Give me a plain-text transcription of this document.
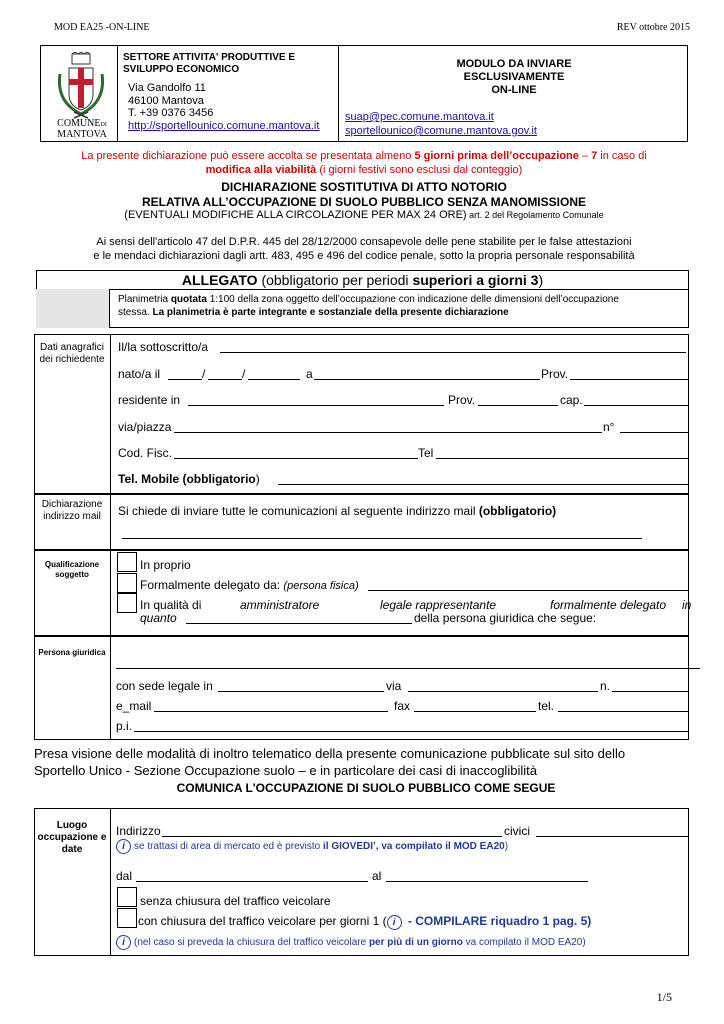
MOD EA25 -ON-LINE	REV ottobre 2015
COMUNEDI
MANTOVA
SETTORE ATTIVITA' PRODUTTIVE E SVILUPPO ECONOMICO
Via Gandolfo 11
46100 Mantova
T. +39 0376 3456
http://sportellounico.comune.mantova.it
MODULO DA INVIARE
ESCLUSIVAMENTE
ON-LINE
suap@pec.comune.mantova.it
sportellounico@comune.mantova.gov.it
La presente dichiarazione può essere accolta se presentata almeno 5 giorni prima dell’occupazione – 7 in caso di
modifica alla viabilità (i giorni festivi sono esclusi dal conteggio)
DICHIARAZIONE SOSTITUTIVA DI ATTO NOTORIO
RELATIVA ALL’OCCUPAZIONE DI SUOLO PUBBLICO SENZA MANOMISSIONE
(EVENTUALI MODIFICHE ALLA CIRCOLAZIONE PER MAX 24 ORE) art. 2 del Regolamento Comunale
Ai sensi dell'articolo 47 del D.P.R. 445 del 28/12/2000 consapevole delle pene stabilite per le false attestazioni
e le mendaci dichiarazioni dagli artt. 483, 495 e 496 del codice penale, sotto la propria personale responsabilità
ALLEGATO (obbligatorio per periodi superiori a giorni 3)
Planimetria quotata 1:100 della zona oggetto dell’occupazione con indicazione delle dimensioni dell’occupazione
stessa. La planimetria è parte integrante e sostanziale della presente dichiarazione
Dati anagrafici dei richiedente
Il/la sottoscritto/a
nato/a il	/	/	a	Prov.
residente in	Prov.	cap.
via/piazza	n°
Cod. Fisc.	Tel
Tel. Mobile (obbligatorio)
Dichiarazione indirizzo mail	Si chiede di inviare tutte le comunicazioni al seguente indirizzo mail (obbligatorio)
Qualificazione soggetto
In proprio
Formalmente delegato da: (persona fisica)
In qualità di	amministratore	legale rappresentante	formalmente delegato in
quanto	della persona giuridica che segue:
Persona giuridica
con sede legale in	via	n.
e_mail	fax	tel.
p.i.
Presa visione delle modalità di inoltro telematico della presente comunicazione pubblicate sul sito dello
Sportello Unico - Sezione Occupazione suolo – e in particolare dei casi di inaccoglibilità
COMUNICA L'OCCUPAZIONE DI SUOLO PUBBLICO COME SEGUE
Luogo occupazione e date
Indirizzo	civici
i se trattasi di area di mercato ed è previsto il GIOVEDI’, va compilato il MOD EA20)
dal	al
senza chiusura del traffico veicolare
con chiusura del traffico veicolare per giorni 1 ( i - COMPILARE riquadro 1 pag. 5)
i (nel caso si preveda la chiusura del traffico veicolare per più di un giorno va compilato il MOD EA20)
1/5
